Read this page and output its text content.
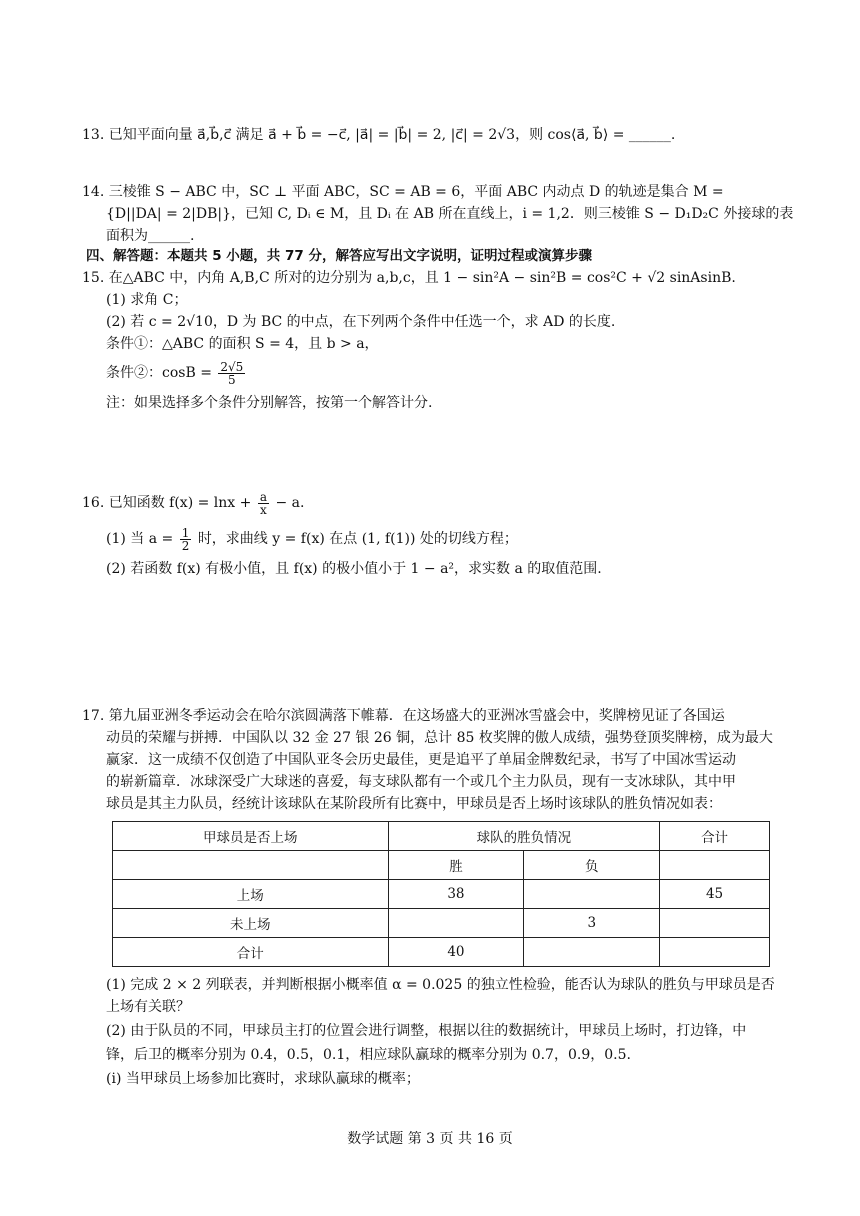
13. 已知平面向量 a⃗,b⃗,c⃗ 满足 a⃗ + b⃗ = −c⃗, |a⃗| = |b⃗| = 2, |c⃗| = 2√3，则 cos⟨a⃗, b⃗⟩ = ______.
14. 三棱锥 S − ABC 中，SC ⊥ 平面 ABC，SC = AB = 6，平面 ABC 内动点 D 的轨迹是集合 M =
{D||DA| = 2|DB|}，已知 C, Dᵢ ∈ M，且 Dᵢ 在 AB 所在直线上，i = 1,2．则三棱锥 S − D₁D₂C 外接球的表
面积为______.
四、解答题：本题共 5 小题，共 77 分，解答应写出文字说明，证明过程或演算步骤
15. 在△ABC 中，内角 A,B,C 所对的边分别为 a,b,c，且 1 − sin²A − sin²B = cos²C + √2 sinAsinB.
(1) 求角 C；
(2) 若 c = 2√10，D 为 BC 的中点，在下列两个条件中任选一个，求 AD 的长度.
条件①：△ABC 的面积 S = 4，且 b > a，
条件②：$\cos B = \frac{2√5}{5}$
注：如果选择多个条件分别解答，按第一个解答计分.
16. 已知函数 $f(x) = \ln x + \frac{a}{x} - a$.
(1) 当 $a = \frac{1}{2}$ 时，求曲线 y = f(x) 在点 (1, f(1)) 处的切线方程；
(2) 若函数 f(x) 有极小值，且 f(x) 的极小值小于 1 − a²，求实数 a 的取值范围.
17. 第九届亚洲冬季运动会在哈尔滨圆满落下帷幕．在这场盛大的亚洲冰雪盛会中，奖牌榜见证了各国运
动员的荣耀与拼搏．中国队以 32 金 27 银 26 铜，总计 85 枚奖牌的傲人成绩，强势登顶奖牌榜，成为最大
赢家．这一成绩不仅创造了中国队亚冬会历史最佳，更是追平了单届金牌数纪录，书写了中国冰雪运动
的崭新篇章．冰球深受广大球迷的喜爱，每支球队都有一个或几个主力队员，现有一支冰球队，其中甲
球员是其主力队员，经统计该球队在某阶段所有比赛中，甲球员是否上场时该球队的胜负情况如表：
甲球员是否上场	球队的胜负情况		合计
	胜	负	
上场	38		45
未上场		3	
合计	40		
(1) 完成 2 × 2 列联表，并判断根据小概率值 α = 0.025 的独立性检验，能否认为球队的胜负与甲球员是否
上场有关联？
(2) 由于队员的不同，甲球员主打的位置会进行调整，根据以往的数据统计，甲球员上场时，打边锋，中
锋，后卫的概率分别为 0.4，0.5，0.1，相应球队赢球的概率分别为 0.7，0.9，0.5.
(i) 当甲球员上场参加比赛时，求球队赢球的概率；
数学试题 第 3 页 共 16 页
